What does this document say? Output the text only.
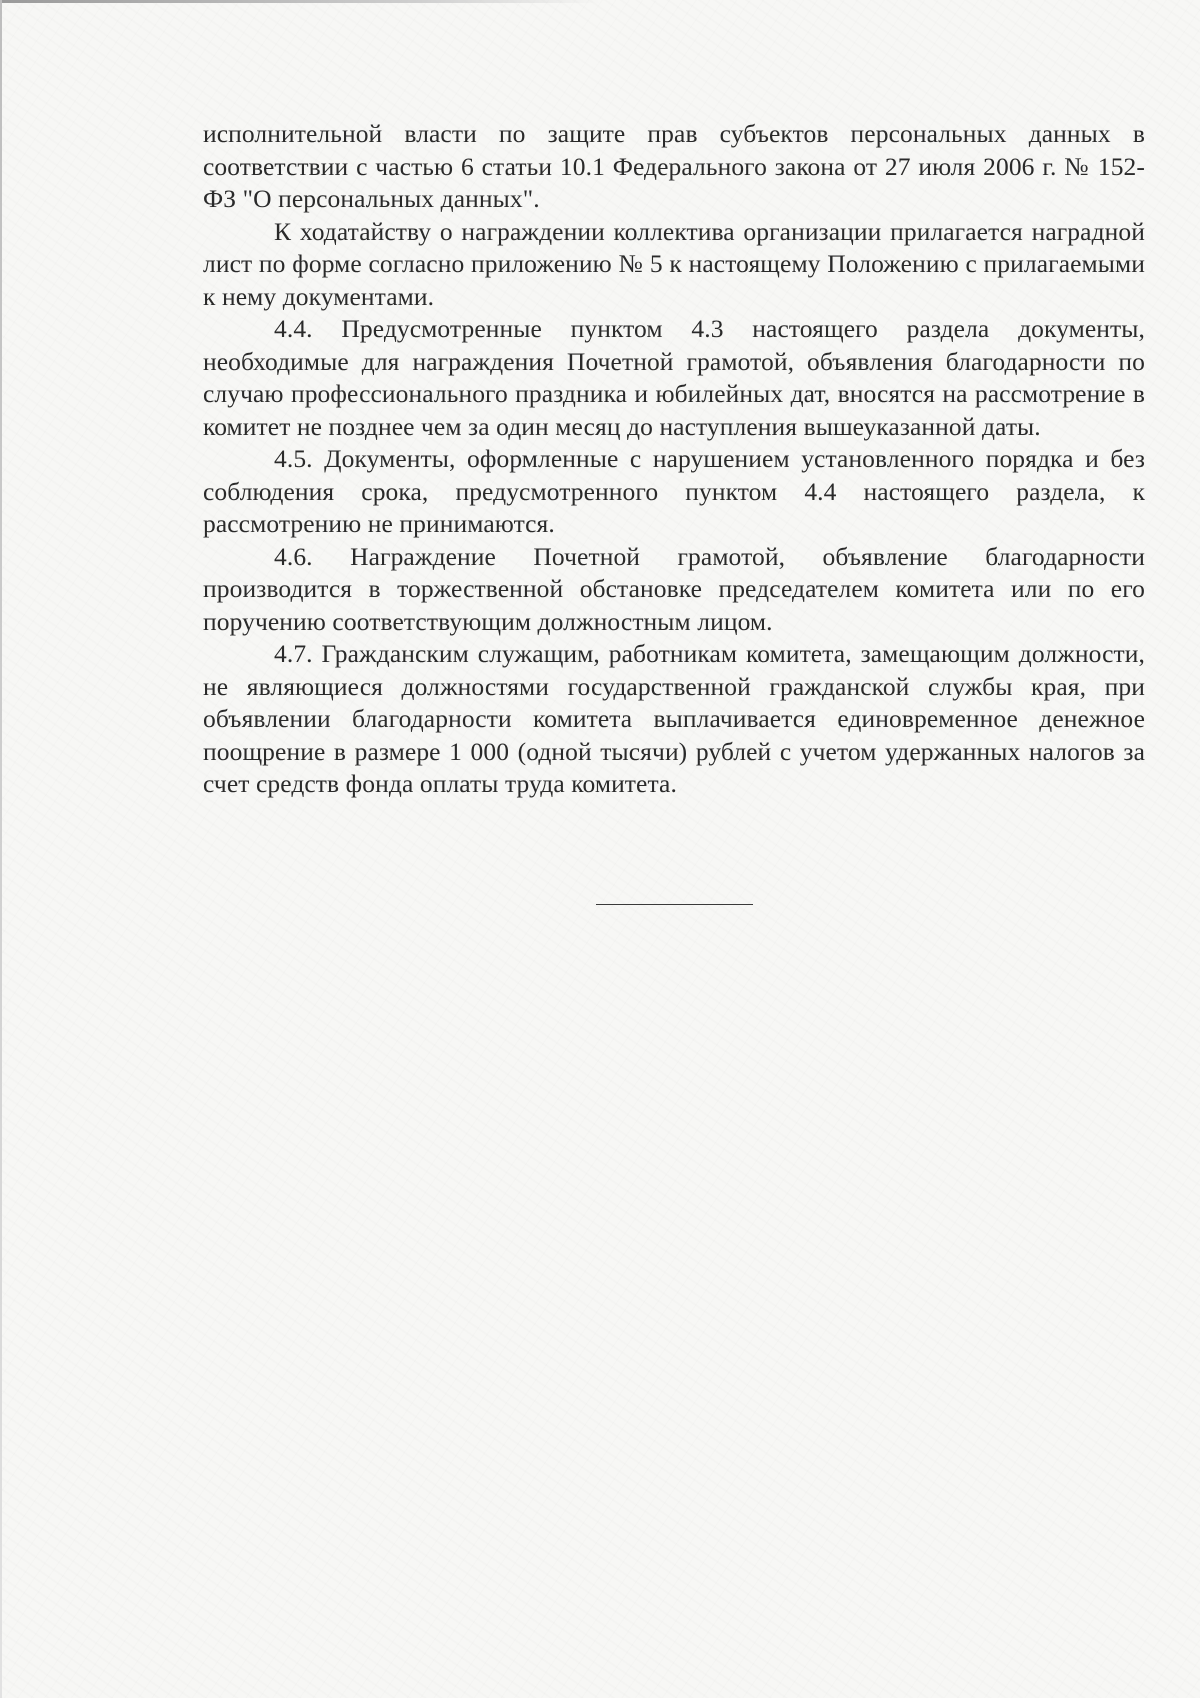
исполнительной власти по защите прав субъектов персональных данных в соответствии с частью 6 статьи 10.1 Федерального закона от 27 июля 2006 г. № 152-ФЗ "О персональных данных".

К ходатайству о награждении коллектива организации прилагается наградной лист по форме согласно приложению № 5 к настоящему Положению с прилагаемыми к нему документами.

4.4. Предусмотренные пунктом 4.3 настоящего раздела документы, необходимые для награждения Почетной грамотой, объявления благодарности по случаю профессионального праздника и юбилейных дат, вносятся на рассмотрение в комитет не позднее чем за один месяц до наступления вышеуказанной даты.

4.5. Документы, оформленные с нарушением установленного порядка и без соблюдения срока, предусмотренного пунктом 4.4 настоящего раздела, к рассмотрению не принимаются.

4.6. Награждение Почетной грамотой, объявление благодарности производится в торжественной обстановке председателем комитета или по его поручению соответствующим должностным лицом.

4.7. Гражданским служащим, работникам комитета, замещающим должности, не являющиеся должностями государственной гражданской службы края, при объявлении благодарности комитета выплачивается единовременное денежное поощрение в размере 1 000 (одной тысячи) рублей с учетом удержанных налогов за счет средств фонда оплаты труда комитета.
